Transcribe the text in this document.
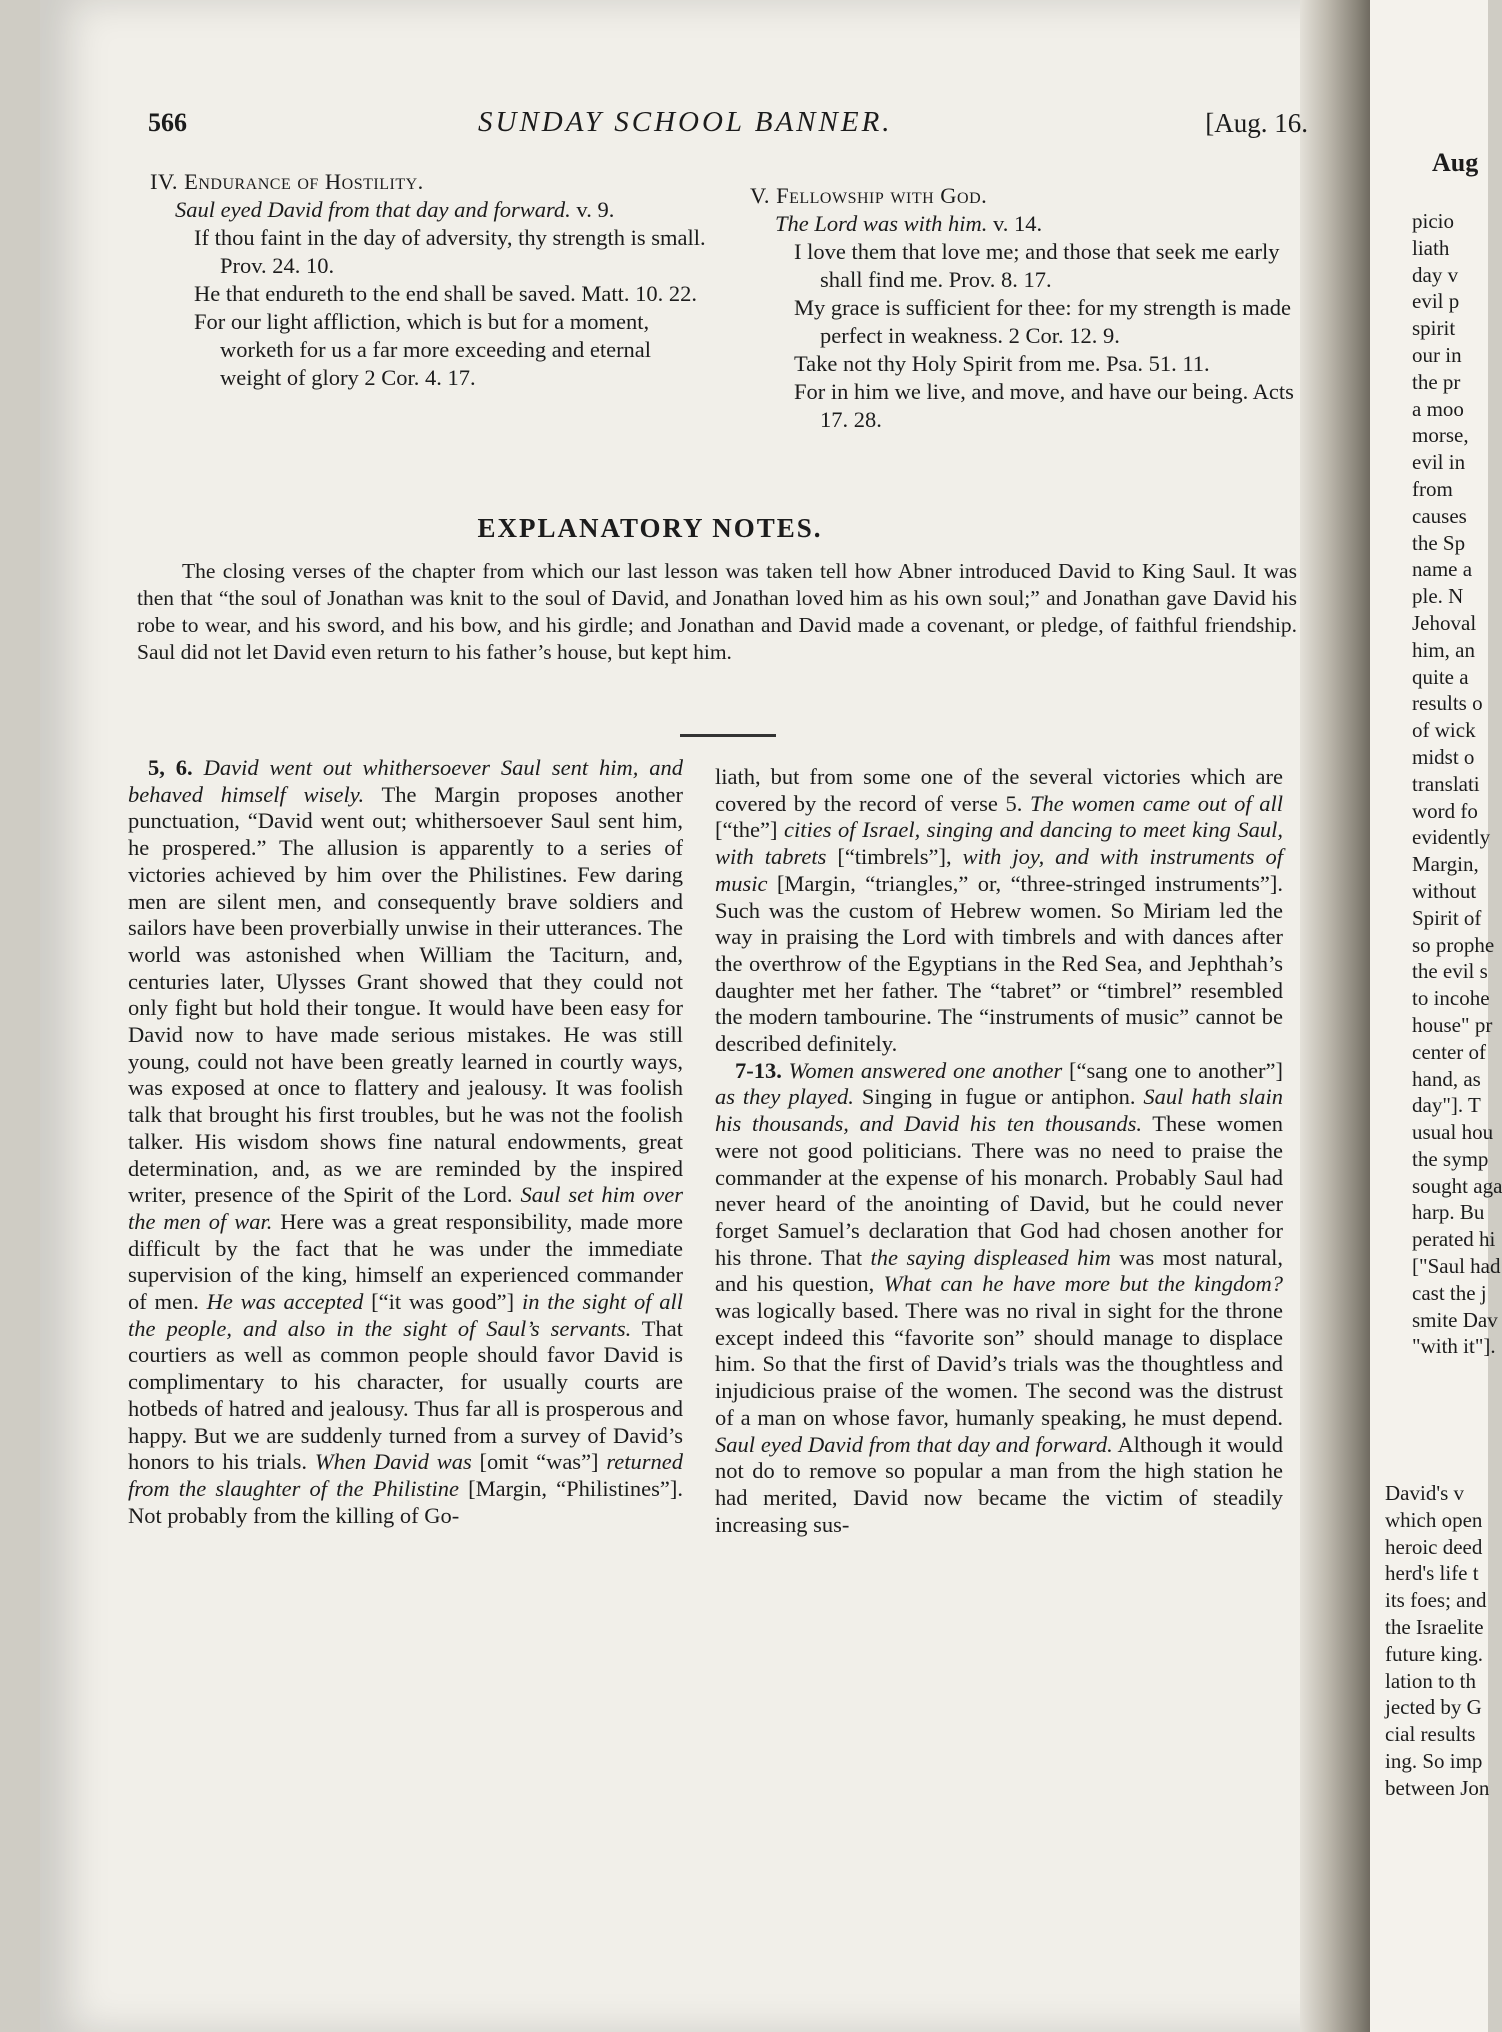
566	SUNDAY SCHOOL BANNER.	[Aug. 16.
IV. Endurance of Hostility.
Saul eyed David from that day and forward. v. 9.
If thou faint in the day of adversity, thy strength is small. Prov. 24. 10.
He that endureth to the end shall be saved. Matt. 10. 22.
For our light affliction, which is but for a moment, worketh for us a far more exceeding and eternal weight of glory 2 Cor. 4. 17.
V. Fellowship with God.
The Lord was with him. v. 14.
I love them that love me; and those that seek me early shall find me. Prov. 8. 17.
My grace is sufficient for thee: for my strength is made perfect in weakness. 2 Cor. 12. 9.
Take not thy Holy Spirit from me. Psa. 51. 11.
For in him we live, and move, and have our being. Acts 17. 28.
EXPLANATORY NOTES.
The closing verses of the chapter from which our last lesson was taken tell how Abner introduced David to King Saul. It was then that “the soul of Jonathan was knit to the soul of David, and Jonathan loved him as his own soul;” and Jonathan gave David his robe to wear, and his sword, and his bow, and his girdle; and Jonathan and David made a covenant, or pledge, of faithful friendship. Saul did not let David even return to his father’s house, but kept him.

5, 6. David went out whithersoever Saul sent him, and behaved himself wisely. The Margin proposes another punctuation, “David went out; whithersoever Saul sent him, he prospered.” The allusion is apparently to a series of victories achieved by him over the Philistines. Few daring men are silent men, and consequently brave soldiers and sailors have been proverbially unwise in their utterances. The world was astonished when William the Taciturn, and, centuries later, Ulysses Grant showed that they could not only fight but hold their tongue. It would have been easy for David now to have made serious mistakes. He was still young, could not have been greatly learned in courtly ways, was exposed at once to flattery and jealousy. It was foolish talk that brought his first troubles, but he was not the foolish talker. His wisdom shows fine natural endowments, great determination, and, as we are reminded by the inspired writer, presence of the Spirit of the Lord. Saul set him over the men of war. Here was a great responsibility, made more difficult by the fact that he was under the immediate supervision of the king, himself an experienced commander of men. He was accepted [“it was good”] in the sight of all the people, and also in the sight of Saul’s servants. That courtiers as well as common people should favor David is complimentary to his character, for usually courts are hotbeds of hatred and jealousy. Thus far all is prosperous and happy. But we are suddenly turned from a survey of David’s honors to his trials. When David was [omit “was”] returned from the slaughter of the Philistine [Margin, “Philistines”]. Not probably from the killing of Go-

liath, but from some one of the several victories which are covered by the record of verse 5. The women came out of all [“the”] cities of Israel, singing and dancing to meet king Saul, with tabrets [“timbrels”], with joy, and with instruments of music [Margin, “triangles,” or, “three-stringed instruments”]. Such was the custom of Hebrew women. So Miriam led the way in praising the Lord with timbrels and with dances after the overthrow of the Egyptians in the Red Sea, and Jephthah’s daughter met her father. The “tabret” or “timbrel” resembled the modern tambourine. The “instruments of music” cannot be described definitely.

7-13. Women answered one another [“sang one to another”] as they played. Singing in fugue or antiphon. Saul hath slain his thousands, and David his ten thousands. These women were not good politicians. There was no need to praise the commander at the expense of his monarch. Probably Saul had never heard of the anointing of David, but he could never forget Samuel’s declaration that God had chosen another for his throne. That the saying displeased him was most natural, and his question, What can he have more but the kingdom? was logically based. There was no rival in sight for the throne except indeed this “favorite son” should manage to displace him. So that the first of David’s trials was the thoughtless and injudicious praise of the women. The second was the distrust of a man on whose favor, humanly speaking, he must depend. Saul eyed David from that day and forward. Although it would not do to remove so popular a man from the high station he had merited, David now became the victim of steadily increasing sus-

Aug
picio
liath
day v
evil p
spirit
our in
the pr
a moo
morse,
evil in
from
causes
the Sp
name a
ple. N
Jehoval
him, an
quite a
results o
of wick
midst o
translati
word fo
evidently
Margin,
without
Spirit of
so prophe
the evil s
to incohe
house" pr
center of
hand, as
day"]. T
usual hou
the symp
sought aga
harp. Bu
perated hi
["Saul had
cast the j
smite Dav
"with it"].
David's v
which open
heroic deed
herd's life t
its foes; and
the Israelite
future king.
lation to th
jected by G
cial results
ing. So imp
between Jon
